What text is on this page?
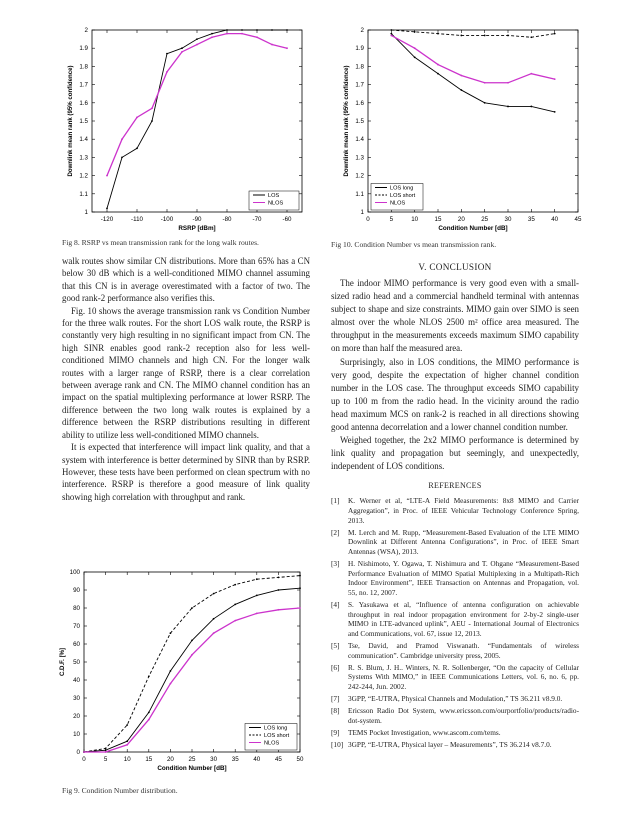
-120	-110	-100	-90	-80	-70	-60
1
1.1
1.2
1.3
1.4
1.5
1.6
1.7
1.8
1.9
2
RSRP [dBm]
Downlink mean rank (95% confidence)
LOS
NLOS
Fig 8. RSRP vs mean transmission rank for the long walk routes.
0	5	10	15	20	25	30	35	40	45
1
1.1
1.2
1.3
1.4
1.5
1.6
1.7
1.8
1.9
2
Condition Number [dB]
Downlink mean rank (95% confidence)
LOS long
LOS short
NLOS
Fig 10. Condition Number vs mean transmission rank.

walk routes show similar CN distributions. More than 65% has a CN below 30 dB which is a well-conditioned MIMO channel assuming that this CN is in average overestimated with a factor of two. The good rank-2 performance also verifies this.

Fig. 10 shows the average transmission rank vs Condition Number for the three walk routes. For the short LOS walk route, the RSRP is constantly very high resulting in no significant impact from CN. The high SINR enables good rank-2 reception also for less well-conditioned MIMO channels and high CN. For the longer walk routes with a larger range of RSRP, there is a clear correlation between average rank and CN. The MIMO channel condition has an impact on the spatial multiplexing performance at lower RSRP. The difference between the two long walk routes is explained by a difference between the RSRP distributions resulting in different ability to utilize less well-conditioned MIMO channels.

It is expected that interference will impact link quality, and that a system with interference is better determined by SINR than by RSRP. However, these tests have been performed on clean spectrum with no interference. RSRP is therefore a good measure of link quality showing high correlation with throughput and rank.

0	5	10 15 20 25 30 35 40 45 50
0
10
20
30
40
50
60
70
80
90
100
Condition Number [dB]
C.D.F. [%]
LOS long
LOS short
NLOS
Fig 9. Condition Number distribution.
V. CONCLUSION

The indoor MIMO performance is very good even with a small-sized radio head and a commercial handheld terminal with antennas subject to shape and size constraints. MIMO gain over SIMO is seen almost over the whole NLOS 2500 m² office area measured. The throughput in the measurements exceeds maximum SIMO capability on more than half the measured area.

Surprisingly, also in LOS conditions, the MIMO performance is very good, despite the expectation of higher channel condition number in the LOS case. The throughput exceeds SIMO capability up to 100 m from the radio head. In the vicinity around the radio head maximum MCS on rank-2 is reached in all directions showing good antenna decorrelation and a lower channel condition number.

Weighed together, the 2x2 MIMO performance is determined by link quality and propagation but seemingly, and unexpectedly, independent of LOS conditions.

REFERENCES
[1]	K. Werner et al, “LTE-A Field Measurements: 8x8 MIMO and Carrier Aggregation”, in Proc. of IEEE Vehicular Technology Conference Spring, 2013.
[2]	M. Lerch and M. Rupp, “Measurement-Based Evaluation of the LTE MIMO Downlink at Different Antenna Configurations”, in Proc. of IEEE Smart Antennas (WSA), 2013.
[3]	H. Nishimoto, Y. Ogawa, T. Nishimura and T. Ohgane “Measurement-Based Performance Evaluation of MIMO Spatial Multiplexing in a Multipath-Rich Indoor Environment”, IEEE Transaction on Antennas and Propagation, vol. 55, no. 12, 2007.
[4]	S. Yasukawa et al, “Influence of antenna configuration on achievable throughput in real indoor propagation environment for 2-by-2 single-user MIMO in LTE-advanced uplink”, AEU - International Journal of Electronics and Communications, vol. 67, issue 12, 2013.
[5]	Tse, David, and Pramod Viswanath. “Fundamentals of wireless communication”. Cambridge university press, 2005.
[6]	R. S. Blum, J. H.. Winters, N. R. Sollenberger, “On the capacity of Cellular Systems With MIMO,” in IEEE Communications Letters, vol. 6, no. 6, pp. 242-244, Jun. 2002.
[7]	3GPP, “E-UTRA, Physical Channels and Modulation,” TS 36.211 v8.9.0.
[8]	Ericsson Radio Dot System, www.ericsson.com/ourportfolio/products/radio-dot-system.
[9]	TEMS Pocket Investigation, www.ascom.com/tems.
[10] 3GPP, “E-UTRA, Physical layer – Measurements”, TS 36.214 v8.7.0.
